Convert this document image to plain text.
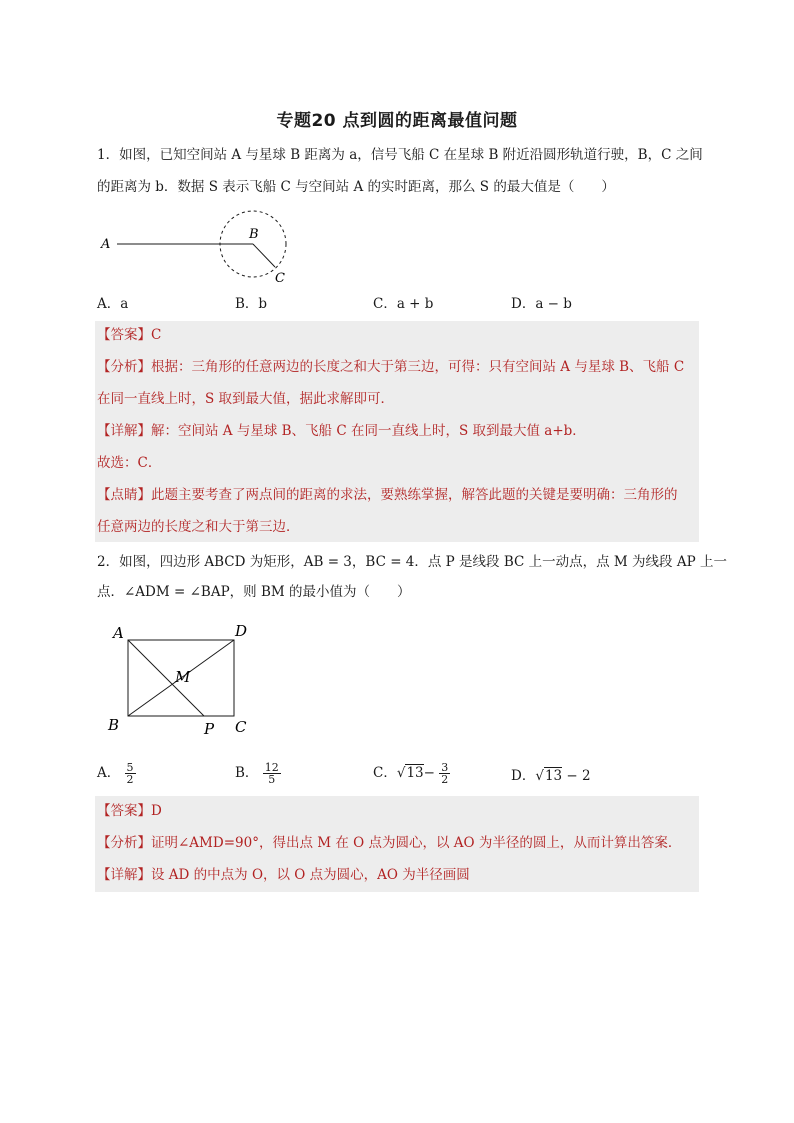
专题20 点到圆的距离最值问题
1．如图，已知空间站 A 与星球 B 距离为 a，信号飞船 C 在星球 B 附近沿圆形轨道行驶，B，C 之间
的距离为 b．数据 S 表示飞船 C 与空间站 A 的实时距离，那么 S 的最大值是（　　）
A
B
C
A．a	B．b	C．a + b	D．a − b
【答案】C
【分析】根据：三角形的任意两边的长度之和大于第三边，可得：只有空间站 A 与星球 B、飞船 C
在同一直线上时，S 取到最大值，据此求解即可．
【详解】解：空间站 A 与星球 B、飞船 C 在同一直线上时，S 取到最大值 a+b．
故选：C．
【点睛】此题主要考查了两点间的距离的求法，要熟练掌握，解答此题的关键是要明确：三角形的
任意两边的长度之和大于第三边．
2．如图，四边形 ABCD 为矩形，AB = 3，BC = 4．点 P 是线段 BC 上一动点，点 M 为线段 AP 上一
点．∠ADM = ∠BAP，则 BM 的最小值为（　　）
A	D
M
B	P C
A． $\frac{5}{2}$	B． $\frac{12}{5}$	C．$√13- \frac{3}{2}$	D．√13 − 2
【答案】D
【分析】证明∠AMD=90°，得出点 M 在 O 点为圆心，以 AO 为半径的圆上，从而计算出答案．
【详解】设 AD 的中点为 O，以 O 点为圆心，AO 为半径画圆
